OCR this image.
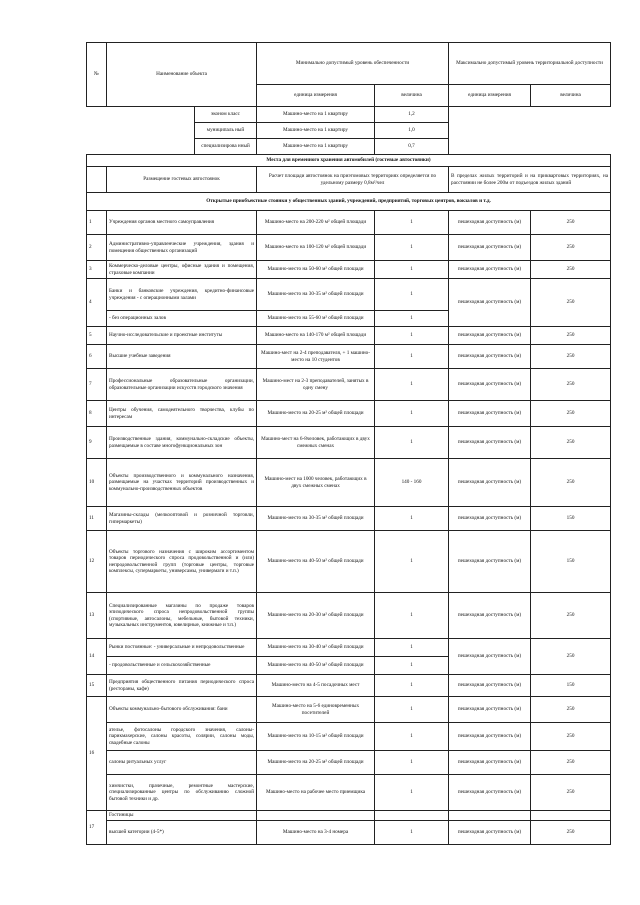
№	Наименование объекта		Минимально допустимый уровень обеспеченности		Максимально допустимый уровень территориальной доступности	
			единица измерения	величина	единица измерения	величина
		эконом класс	Машино-место на 1 квартиру	1,2		
		муниципаль ный	Машино-место на 1 квартиру	1,0		
		специализирова нный	Машино-место на 1 квартиру	0,7		
Места для временного хранения автомобилей (гостевые автостоянки)						
	Размещение гостевых автостоянок		Расчет площади автостоянок на приэтомовых территориях определяется по удельному размеру 0,8м²/чел		В пределах жилых территорий и на приквартовых территориях, на расстоянии не более 200м от подъездов жилых зданий	
Открытые приобъектные стоянки у общественных зданий, учреждений, предприятий, торговых центров, вокзалов и т.д.						
1	Учреждения органов местного самоуправления		Машино-место на 200-220 м² общей площади	1	пешеходная доступность (м)	250
2	Административно-управленческие учреждения, здания и помещения общественных организаций		Машино-место на 100-120 м² общей площади	1	пешеходная доступность (м)	250
3	Коммерческо-деловые центры, офисные здания и помещения, страховые компании		Машино-место на 50-60 м² общей площади	1	пешеходная доступность (м)	250
4	Банки и банковские учреждения, кредитно-финансовые учреждения - с операционными залами		Машино-место на 30-35 м² общей площади	1	пешеходная доступность (м)	250
	- без операционных залов		Машино-место на 55-60 м² общей площади	1		
5	Научно-исследовательские и проектные институты		Машино-место на 140-170 м² общей площади	1	пешеходная доступность (м)	250
6	Высшие учебные заведения		Машино-мест на 2-4 преподавателя, + 1 машино-место на 10 студентов	1	пешеходная доступность (м)	250
7	Профессиональные образовательные организации, образовательные организации искусств городского значения		Машино-мест на 2-3 преподавателей, занятых в одну смену	1	пешеходная доступность (м)	250
8	Центры обучения, самодеятельного творчества, клубы по интересам		Машино-место на 20-25 м² общей площади	1	пешеходная доступность (м)	250
9	Производственные здания, коммунально-складские объекты, размещаемые в составе многофункциональных зон		Машино-мест на 6-8человек, работающих в двух смежных сменах	1	пешеходная доступность (м)	250
10	Объекты производственного и коммунального назначения, размещаемые на участках территорий производственных и коммунально-производственных объектов		Машино-мест на 1000 человек, работающих в двух смежных сменах	140 - 160	пешеходная доступность (м)	250
11	Магазины-склады (мелкооптовой и розничной торговли, гипермаркеты)		Машино-место на 30-35 м² общей площади	1	пешеходная доступность (м)	150
12	Объекты торгового назначения с широким ассортиментом товаров периодического спроса продовольственной и (или) непродовольственной групп (торговые центры, торговые комплексы, супермаркеты, универсамы, универмаги и т.п.)		Машино-место на 40-50 м² общей площади	1	пешеходная доступность (м)	150
13	Специализированные магазины по продаже товаров эпизодического спроса непродовольственной группы (спортивные, автосалоны, мебельные, бытовой техники, музыкальных инструментов, ювелирные, книжные и т.п.)		Машино-место на 20-30 м² общей площади	1	пешеходная доступность (м)	250
14	Рынки постоянные: - универсальные и непродовольственные		Машино-место на 30-40 м² общей площади	1	пешеходная доступность (м)	250
	- продовольственные и сельскохозяйственные		Машино-место на 40-50 м² общей площади	1		
15	Предприятия общественного питания периодического спроса (рестораны, кафе)		Машино-место на 4-5 посадочных мест	1	пешеходная доступность (м)	150
16	Объекты коммунально-бытового обслуживания: бани		Машино-место на 5-6 единовременных посетителей	1	пешеходная доступность (м)	250
	ателье, фотосалоны городского значения, салоны-парикмахерские, салоны красоты, солярии, салоны моды, свадебные салоны		Машино-место на 10-15 м² общей площади	1	пешеходная доступность (м)	250
	салоны ритуальных услуг		Машино-место на 20-25 м² общей площади	1	пешеходная доступность (м)	250
	химчистки, прачечные, ремонтные мастерские, специализированные центры по обслуживанию сложной бытовой техники и др.		Машино-место на рабочее место приемщика	1	пешеходная доступность (м)	250
17	Гостиницы					
	высшей категории (4-5*)		Машино-место на 3-4 номера	1	пешеходная доступность (м)	250
